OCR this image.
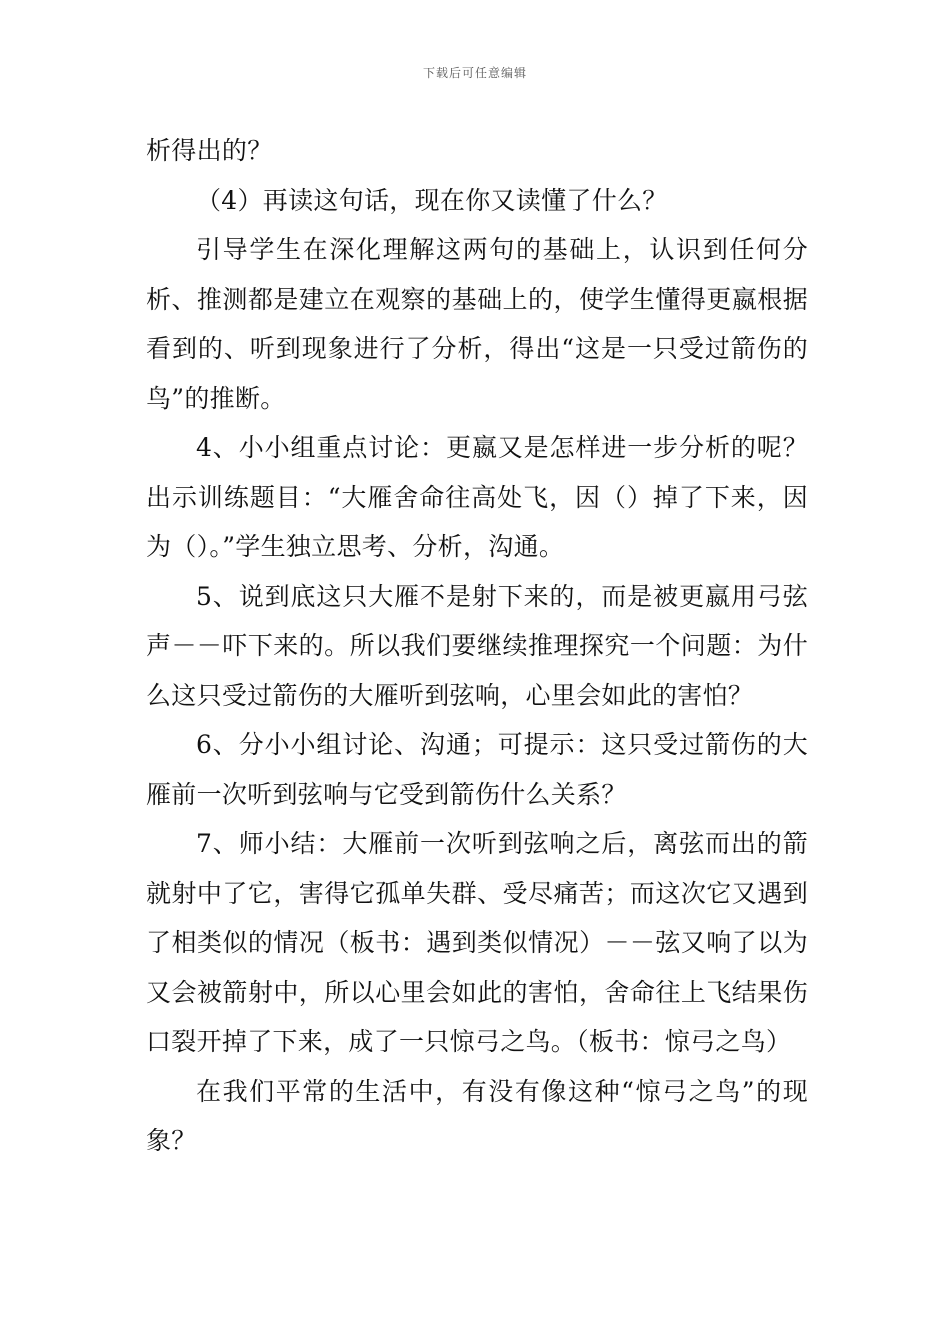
下载后可任意编辑

析得出的？

（4）再读这句话，现在你又读懂了什么？

引导学生在深化理解这两句的基础上，认识到任何分析、推测都是建立在观察的基础上的，使学生懂得更嬴根据看到的、听到现象进行了分析，得出“这是一只受过箭伤的鸟”的推断。

4、小小组重点讨论：更嬴又是怎样进一步分析的呢？出示训练题目：“大雁舍命往高处飞，因（）掉了下来，因为（）。”学生独立思考、分析，沟通。

5、说到底这只大雁不是射下来的，而是被更嬴用弓弦声－－吓下来的。所以我们要继续推理探究一个问题：为什么这只受过箭伤的大雁听到弦响，心里会如此的害怕？

6、分小小组讨论、沟通；可提示：这只受过箭伤的大雁前一次听到弦响与它受到箭伤什么关系？

7、师小结：大雁前一次听到弦响之后，离弦而出的箭就射中了它，害得它孤单失群、受尽痛苦；而这次它又遇到了相类似的情况（板书：遇到类似情况）－－弦又响了以为又会被箭射中，所以心里会如此的害怕，舍命往上飞结果伤口裂开掉了下来，成了一只惊弓之鸟。（板书：惊弓之鸟）

在我们平常的生活中，有没有像这种“惊弓之鸟”的现象？
